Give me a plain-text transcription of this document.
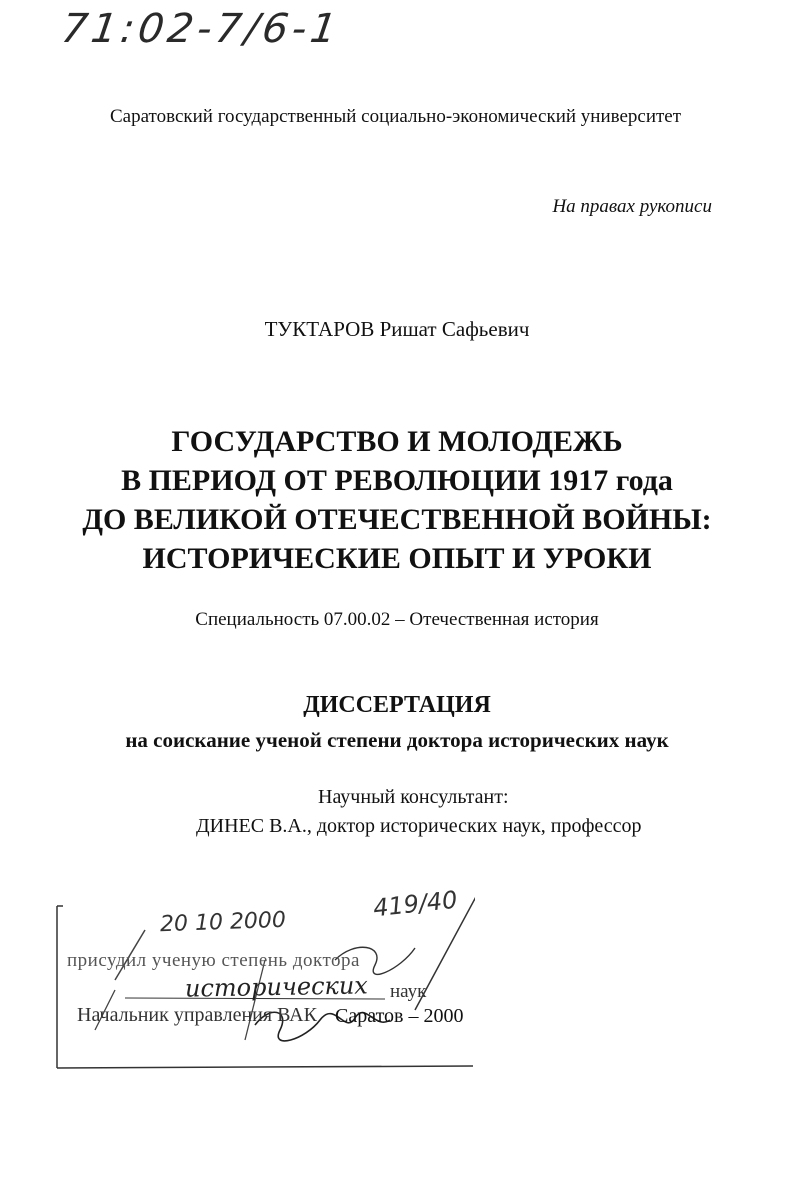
71:02-7/6-1
Саратовский государственный социально-экономический университет
На правах рукописи
ТУКТАРОВ Ришат Сафьевич
ГОСУДАРСТВО И МОЛОДЕЖЬ
В ПЕРИОД ОТ РЕВОЛЮЦИИ 1917 года
ДО ВЕЛИКОЙ ОТЕЧЕСТВЕННОЙ ВОЙНЫ:
ИСТОРИЧЕСКИЕ ОПЫТ И УРОКИ
Специальность 07.00.02 – Отечественная история
ДИССЕРТАЦИЯ
на соискание ученой степени доктора исторических наук
Научный консультант:
ДИНЕС В.А., доктор исторических наук, профессор
20 10 2000
419/40
присудил ученую степень доктора
исторических наук
Начальник управления ВАК Саратов – 2000
